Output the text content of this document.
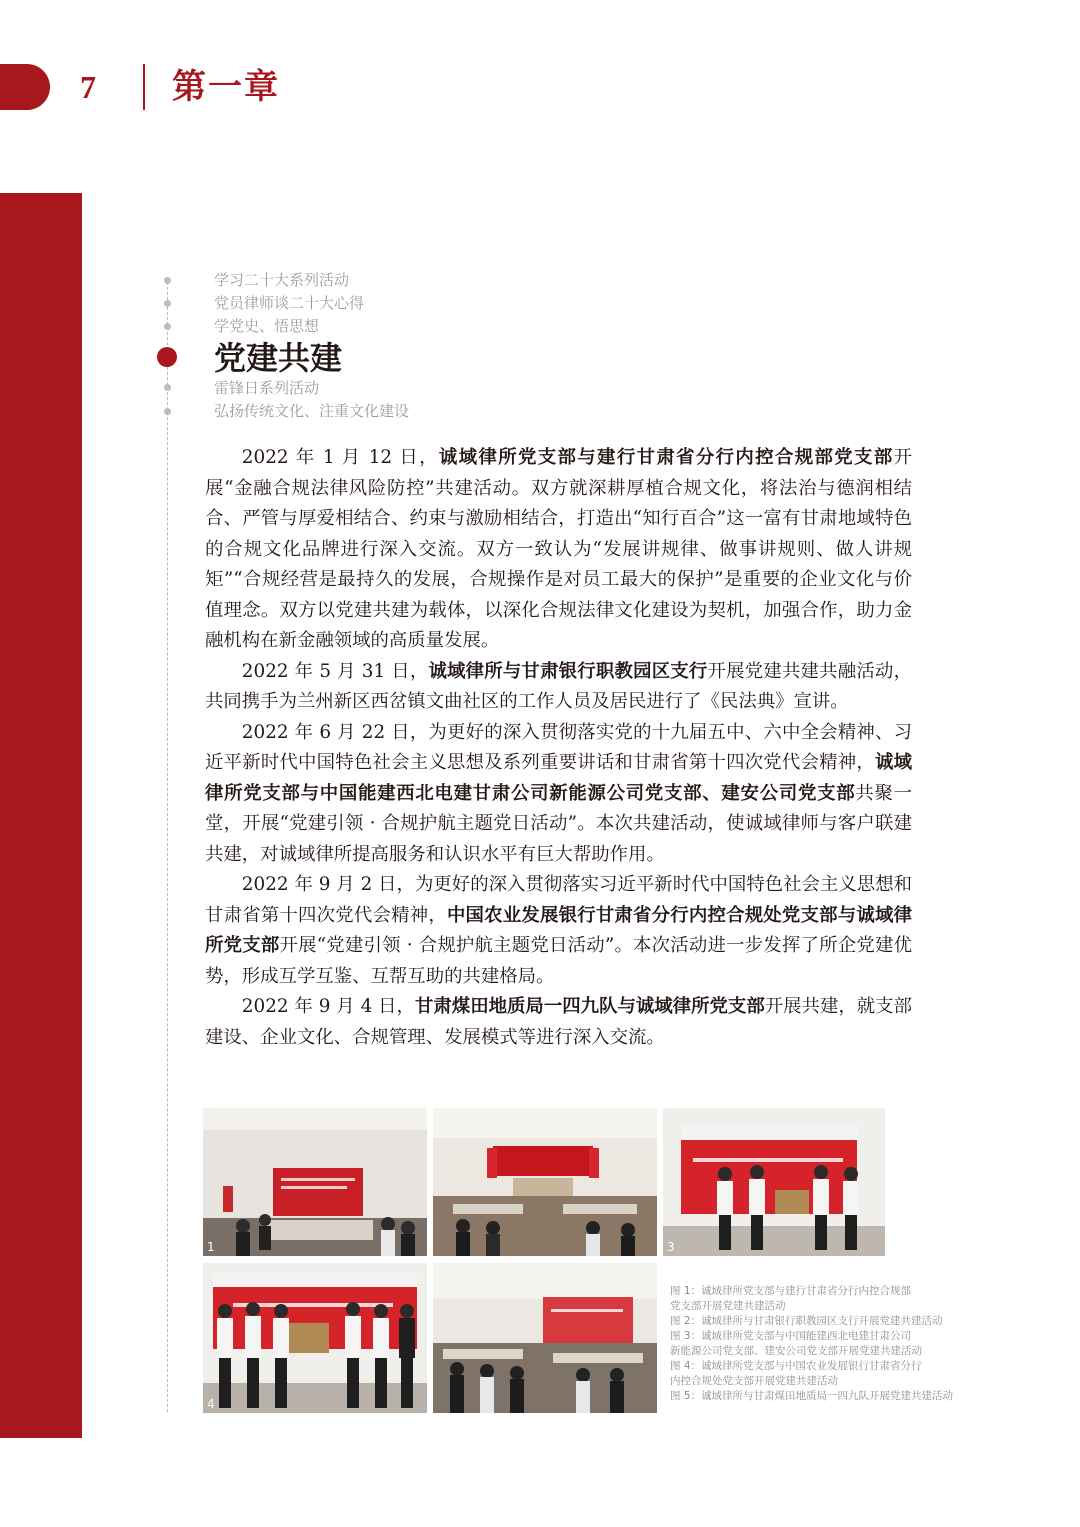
7 第一章
学习二十大系列活动
党员律师谈二十大心得
学党史、悟思想
党建共建
雷锋日系列活动
弘扬传统文化、注重文化建设

2022 年 1 月 12 日，诚域律所党支部与建行甘肃省分行内控合规部党支部开展“金融合规法律风险防控”共建活动。双方就深耕厚植合规文化，将法治与德润相结合、严管与厚爱相结合、约束与激励相结合，打造出“知行百合”这一富有甘肃地域特色的合规文化品牌进行深入交流。双方一致认为“发展讲规律、做事讲规则、做人讲规矩”“合规经营是最持久的发展，合规操作是对员工最大的保护”是重要的企业文化与价值理念。双方以党建共建为载体，以深化合规法律文化建设为契机，加强合作，助力金融机构在新金融领域的高质量发展。

2022 年 5 月 31 日，诚域律所与甘肃银行职教园区支行开展党建共建共融活动，共同携手为兰州新区西岔镇文曲社区的工作人员及居民进行了《民法典》宣讲。

2022 年 6 月 22 日，为更好的深入贯彻落实党的十九届五中、六中全会精神、习近平新时代中国特色社会主义思想及系列重要讲话和甘肃省第十四次党代会精神，诚域律所党支部与中国能建西北电建甘肃公司新能源公司党支部、建安公司党支部共聚一堂，开展“党建引领 · 合规护航主题党日活动”。本次共建活动，使诚域律师与客户联建共建，对诚域律所提高服务和认识水平有巨大帮助作用。

2022 年 9 月 2 日，为更好的深入贯彻落实习近平新时代中国特色社会主义思想和甘肃省第十四次党代会精神，中国农业发展银行甘肃省分行内控合规处党支部与诚域律所党支部开展“党建引领 · 合规护航主题党日活动”。本次活动进一步发挥了所企党建优势，形成互学互鉴、互帮互助的共建格局。

2022 年 9 月 4 日，甘肃煤田地质局一四九队与诚域律所党支部开展共建，就支部建设、企业文化、合规管理、发展模式等进行深入交流。

1	3
4
图 1：诚域律所党支部与建行甘肃省分行内控合规部
党支部开展党建共建活动
图 2：诚域律所与甘肃银行职教园区支行开展党建共建活动
图 3：诚域律所党支部与中国能建西北电建甘肃公司
新能源公司党支部、建安公司党支部开展党建共建活动
图 4：诚域律所党支部与中国农业发展银行甘肃省分行
内控合规处党支部开展党建共建活动
图 5：诚域律所与甘肃煤田地质局一四九队开展党建共建活动
